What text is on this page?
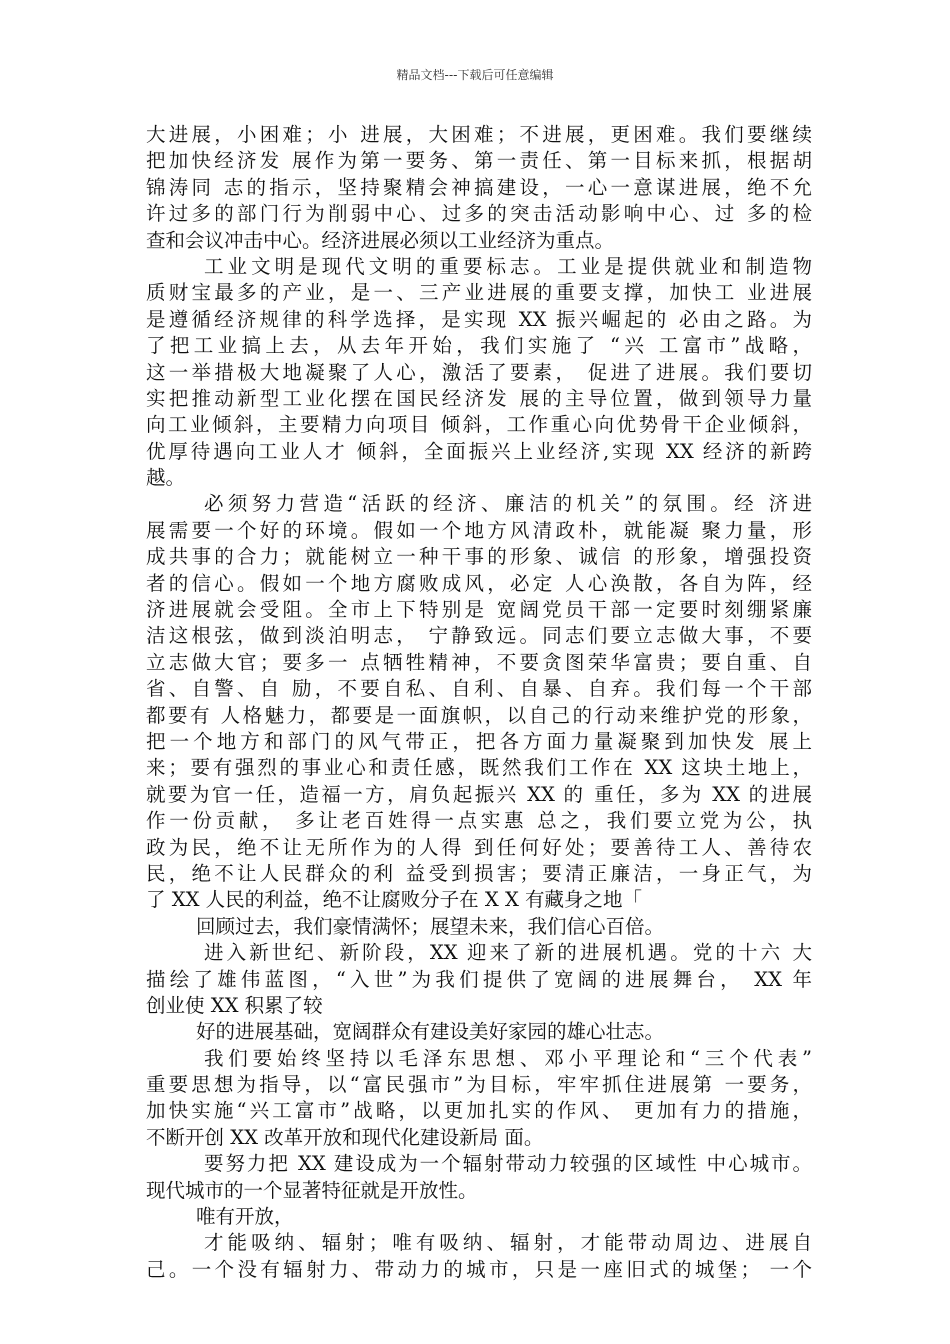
精品文档---下载后可任意编辑
大进展，小困难；小 进展，大困难；不进展，更困难。我们要继续
把加快经济发 展作为第一要务、第一责任、第一目标来抓，根据胡
锦涛同 志的指示，坚持聚精会神搞建设，一心一意谋进展，绝不允
许过多的部门行为削弱中心、过多的突击活动影响中心、过 多的检
查和会议冲击中心。经济进展必须以工业经济为重点。
工业文明是现代文明的重要标志。工业是提供就业和制造物
质财宝最多的产业，是一、三产业进展的重要支撑，加快工 业进展
是遵循经济规律的科学选择，是实现 XX 振兴崛起的 必由之路。为
了把工业搞上去，从去年开始，我们实施了 “兴 工富市”战略，
这一举措极大地凝聚了人心，激活了要素， 促进了进展。我们要切
实把推动新型工业化摆在国民经济发 展的主导位置，做到领导力量
向工业倾斜，主要精力向项目 倾斜，工作重心向优势骨干企业倾斜，
优厚待遇向工业人才 倾斜，全面振兴上业经济,实现 XX 经济的新跨
越。
必须努力营造“活跃的经济、廉洁的机关”的氛围。经 济进
展需要一个好的环境。假如一个地方风清政朴，就能凝 聚力量，形
成共事的合力；就能树立一种干事的形象、诚信 的形象，增强投资
者的信心。假如一个地方腐败成风，必定 人心涣散，各自为阵，经
济进展就会受阻。全市上下特别是 宽阔党员干部一定要时刻绷紧廉
洁这根弦，做到淡泊明志， 宁静致远。同志们要立志做大事，不要
立志做大官；要多一 点牺牲精神，不要贪图荣华富贵；要自重、自
省、自警、自 励，不要自私、自利、自暴、自弃。我们每一个干部
都要有 人格魅力，都要是一面旗帜，以自己的行动来维护党的形象，
把一个地方和部门的风气带正，把各方面力量凝聚到加快发 展上
来；要有强烈的事业心和责任感，既然我们工作在 XX 这块土地上，
就要为官一任，造福一方，肩负起振兴 XX 的 重任，多为 XX 的进展
作一份贡献， 多让老百姓得一点实惠 总之，我们要立党为公，执
政为民，绝不让无所作为的人得 到任何好处；要善待工人、善待农
民，绝不让人民群众的利 益受到损害；要清正廉洁，一身正气，为
了 XX 人民的利益，绝不让腐败分子在 X X 有藏身之地「
回顾过去，我们豪情满怀；展望未来，我们信心百倍。
进入新世纪、新阶段，XX 迎来了新的进展机遇。党的十六 大
描绘了雄伟蓝图，“入世”为我们提供了宽阔的进展舞台， XX 年
创业使 XX 积累了较
好的进展基础，宽阔群众有建设美好家园的雄心壮志。
我们要始终坚持以毛泽东思想、邓小平理论和“三个代表”
重要思想为指导，以“富民强市”为目标，牢牢抓住进展第 一要务，
加快实施“兴工富市”战略，以更加扎实的作风、 更加有力的措施，
不断开创 XX 改革开放和现代化建设新局 面。
要努力把 XX 建设成为一个辐射带动力较强的区域性 中心城市。
现代城市的一个显著特征就是开放性。
唯有开放，
才能吸纳、辐射；唯有吸纳、辐射，才能带动周边、进展自
己。一个没有辐射力、带动力的城市，只是一座旧式的城堡； 一个
